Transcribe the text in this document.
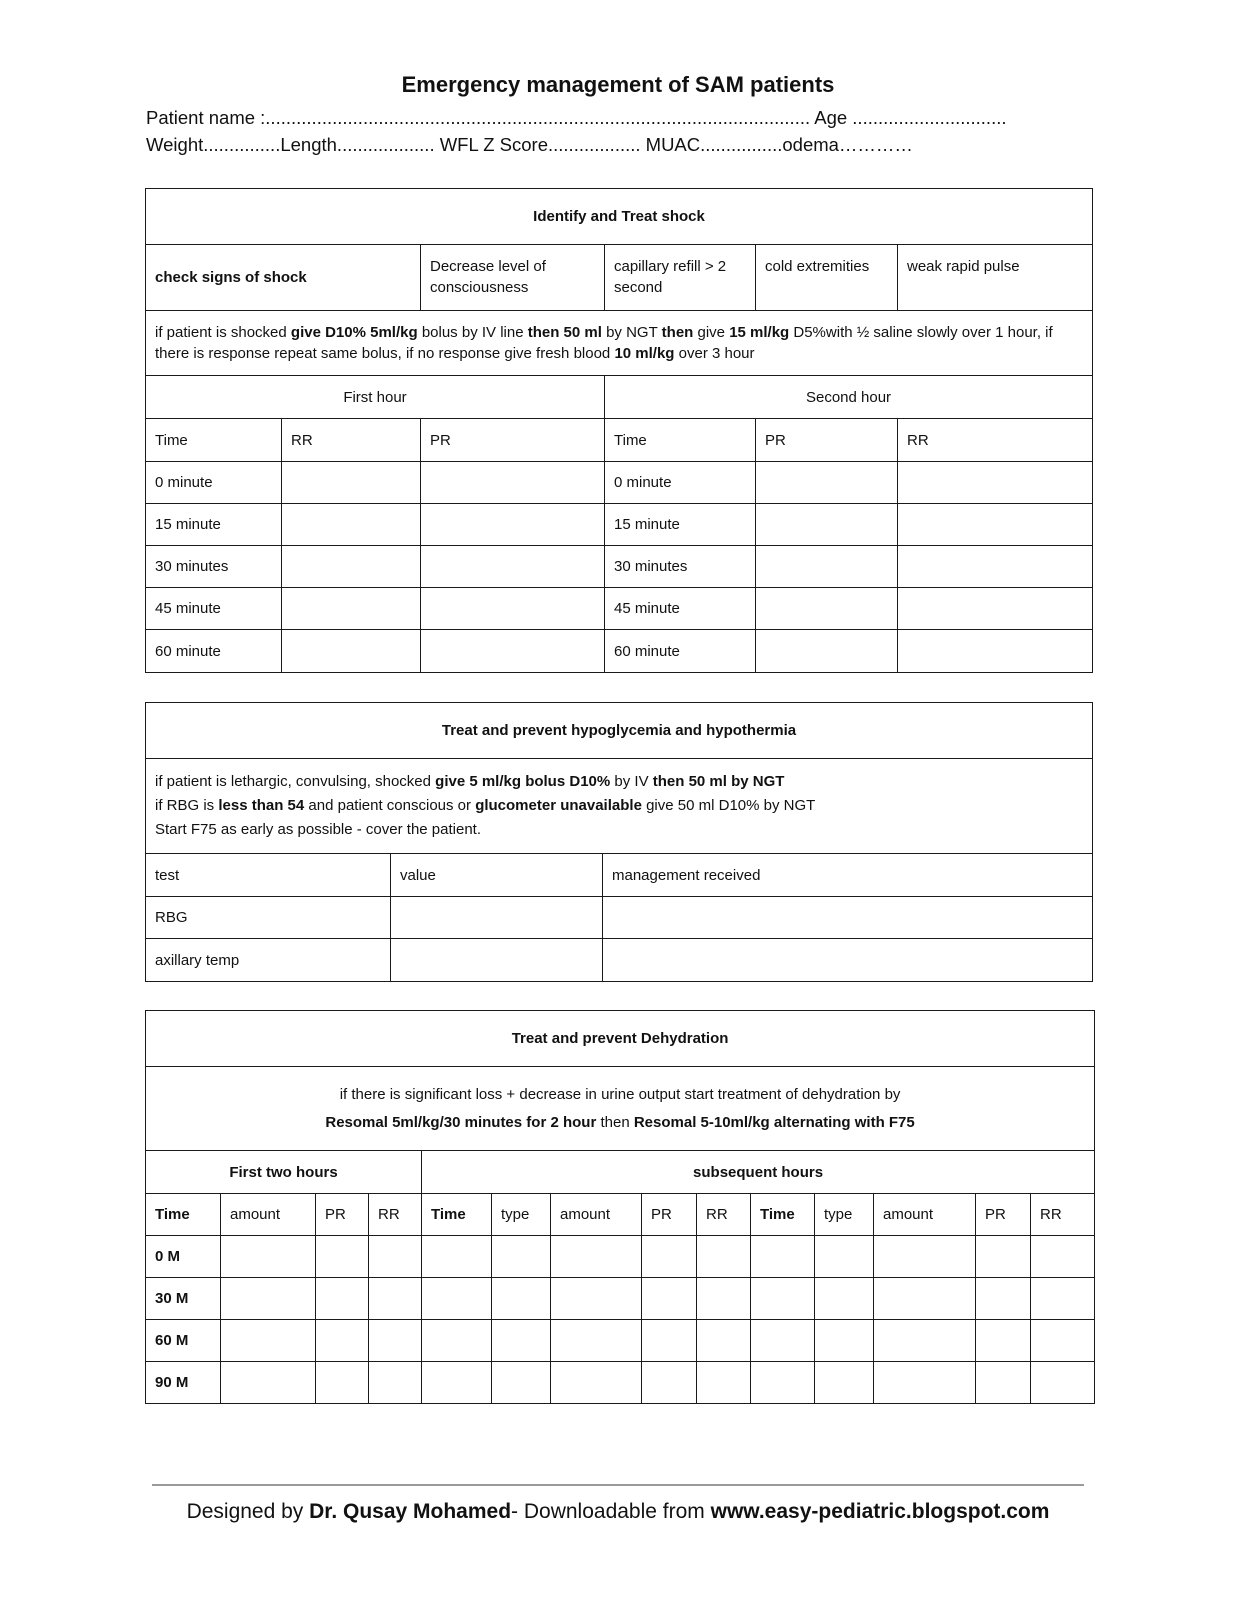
Emergency management of SAM patients
Patient name :.......................................................................................................... Age ..............................
Weight...............Length................... WFL Z Score.................. MUAC................odema…………
Identify and Treat shock					
check signs of shock		Decrease level of consciousness	capillary refill > 2 second	cold extremities	weak rapid pulse
if patient is shocked give D10% 5ml/kg bolus by IV line then 50 ml by NGT then give 15 ml/kg D5%with ½ saline slowly over 1 hour, if there is response repeat same bolus, if no response give fresh blood 10 ml/kg over 3 hour					
First hour			Second hour		
Time	RR	PR	Time	PR	RR
0 minute			0 minute		
15 minute			15 minute		
30 minutes			30 minutes		
45 minute			45 minute		
60 minute			60 minute		
Treat and prevent hypoglycemia and hypothermia		

if patient is lethargic, convulsing, shocked give 5 ml/kg bolus D10% by IV then 50 ml by NGT
if RBG is less than 54 and patient conscious or glucometer unavailable give 50 ml D10% by NGT
Start F75 as early as possible - cover the patient.		

test	value	management received
RBG		
axillary temp		
Treat and prevent Dehydration													

if there is significant loss + decrease in urine output start treatment of dehydration by
Resomal 5ml/kg/30 minutes for 2 hour then Resomal 5-10ml/kg alternating with F75													

First two hours				subsequent hours									
Time	amount	PR	RR	Time	type	amount	PR	RR	Time	type	amount	PR	RR
0 M													
30 M													
60 M													
90 M													
Designed by Dr. Qusay Mohamed- Downloadable from www.easy-pediatric.blogspot.com
